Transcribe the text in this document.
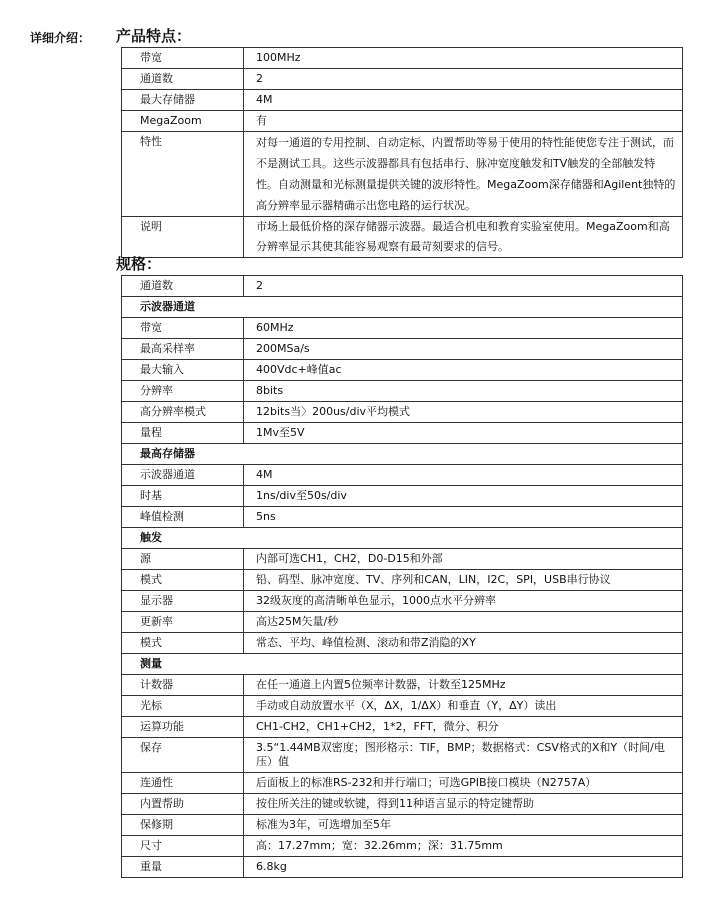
详细介绍： 产品特点：
带宽	100MHz
通道数	2
最大存储器	4M
MegaZoom	有
特性	对每一通道的专用控制、自动定标、内置帮助等易于使用的特性能使您专注于测试，而不是测试工具。这些示波器都具有包括串行、脉冲宽度触发和TV触发的全部触发特性。自动测量和光标测量提供关键的波形特性。MegaZoom深存储器和Agilent独特的高分辨率显示器精确示出您电路的运行状况。
说明	市场上最低价格的深存储器示波器。最适合机电和教育实验室使用。MegaZoom和高分辨率显示其使其能容易观察有最苛刻要求的信号。
规格：
通道数	2
示波器通道	
带宽	60MHz
最高采样率	200MSa/s
最大输入	400Vdc+峰值ac
分辨率	8bits
高分辨率模式	12bits当〉200us/div平均模式
量程	1Mv至5V
最高存储器	
示波器通道	4M
时基	1ns/div至50s/div
峰值检测	5ns
触发	
源	内部可选CH1，CH2，D0-D15和外部
模式	铅、码型、脉冲宽度、TV、序列和CAN，LIN，I2C，SPI，USB串行协议
显示器	32级灰度的高清晰单色显示，1000点水平分辨率
更新率	高达25M矢量/秒
模式	常态、平均、峰值检测、滚动和带Z消隐的XY
测量	
计数器	在任一通道上内置5位频率计数器，计数至125MHz
光标	手动或自动放置水平（X，ΔX，1/ΔX）和垂直（Y，ΔY）读出
运算功能	CH1-CH2，CH1+CH2，1*2，FFT，微分、积分
保存	3.5“1.44MB双密度；图形格示：TIF，BMP；数据格式：CSV格式的X和Y（时间/电压）值
连通性	后面板上的标准RS-232和并行端口；可选GPIB接口模块（N2757A）
内置帮助	按住所关注的键或软键，得到11种语言显示的特定键帮助
保修期	标准为3年，可选增加至5年
尺寸	高：17.27mm；宽：32.26mm；深：31.75mm
重量	6.8kg
